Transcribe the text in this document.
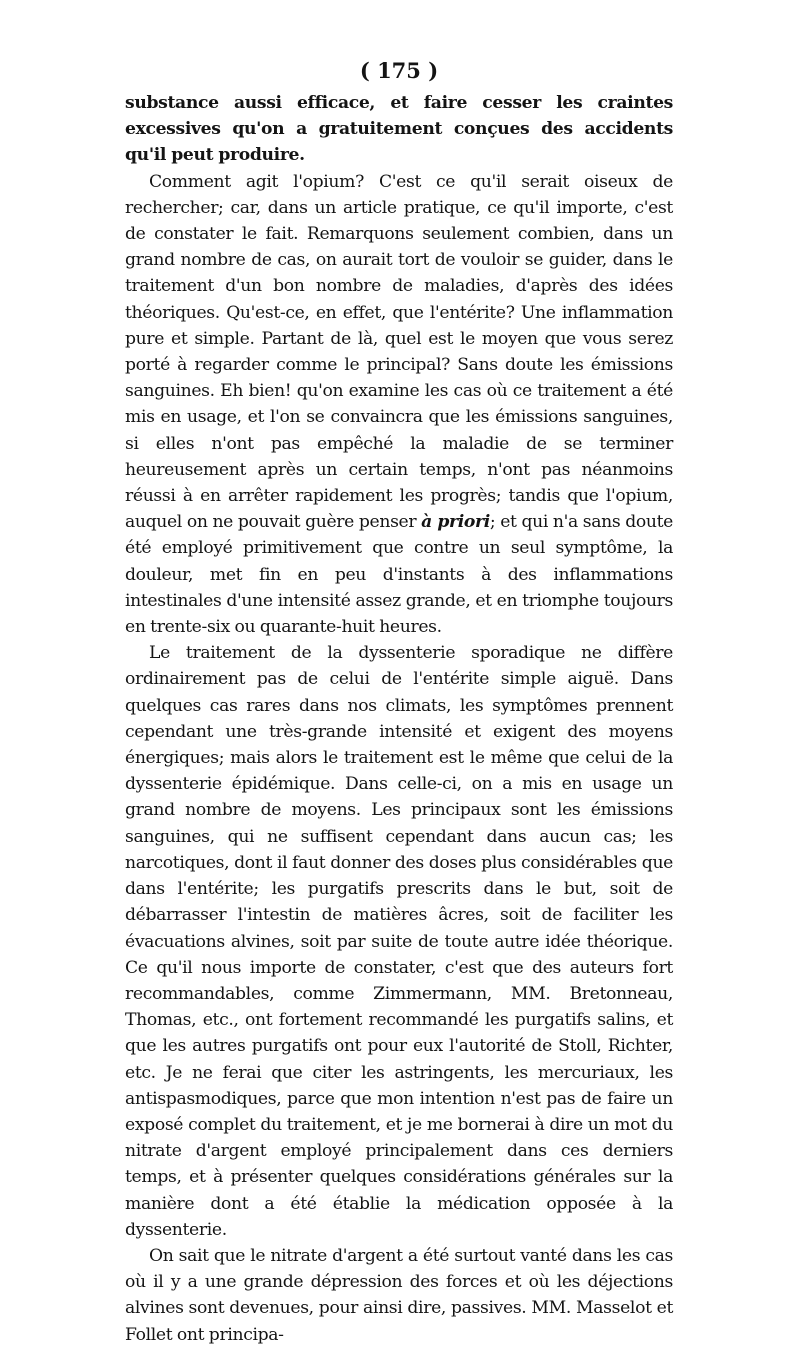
( 175 )

substance aussi efficace, et faire cesser les craintes excessives qu'on a gratuitement conçues des accidents qu'il peut produire.

Comment agit l'opium? C'est ce qu'il serait oiseux de rechercher; car, dans un article pratique, ce qu'il importe, c'est de constater le fait. Remarquons seulement combien, dans un grand nombre de cas, on aurait tort de vouloir se guider, dans le traitement d'un bon nombre de maladies, d'après des idées théoriques. Qu'est-ce, en effet, que l'entérite? Une inflammation pure et simple. Partant de là, quel est le moyen que vous serez porté à regarder comme le principal? Sans doute les émissions sanguines. Eh bien! qu'on examine les cas où ce traitement a été mis en usage, et l'on se convaincra que les émissions sanguines, si elles n'ont pas empêché la maladie de se terminer heureusement après un certain temps, n'ont pas néanmoins réussi à en arrêter rapidement les progrès; tandis que l'opium, auquel on ne pouvait guère penser à priori; et qui n'a sans doute été employé primitivement que contre un seul symptôme, la douleur, met fin en peu d'instants à des inflammations intestinales d'une intensité assez grande, et en triomphe toujours en trente-six ou quarante-huit heures.

Le traitement de la dyssenterie sporadique ne diffère ordinairement pas de celui de l'entérite simple aiguë. Dans quelques cas rares dans nos climats, les symptômes prennent cependant une très-grande intensité et exigent des moyens énergiques; mais alors le traitement est le même que celui de la dyssenterie épidémique. Dans celle-ci, on a mis en usage un grand nombre de moyens. Les principaux sont les émissions sanguines, qui ne suffisent cependant dans aucun cas; les narcotiques, dont il faut donner des doses plus considérables que dans l'entérite; les purgatifs prescrits dans le but, soit de débarrasser l'intestin de matières âcres, soit de faciliter les évacuations alvines, soit par suite de toute autre idée théorique. Ce qu'il nous importe de constater, c'est que des auteurs fort recommandables, comme Zimmermann, MM. Bretonneau, Thomas, etc., ont fortement recommandé les purgatifs salins, et que les autres purgatifs ont pour eux l'autorité de Stoll, Richter, etc. Je ne ferai que citer les astringents, les mercuriaux, les antispasmodiques, parce que mon intention n'est pas de faire un exposé complet du traitement, et je me bornerai à dire un mot du nitrate d'argent employé principalement dans ces derniers temps, et à présenter quelques considérations générales sur la manière dont a été établie la médication opposée à la dyssenterie.

On sait que le nitrate d'argent a été surtout vanté dans les cas où il y a une grande dépression des forces et où les déjections alvines sont devenues, pour ainsi dire, passives. MM. Masselot et Follet ont principa-
